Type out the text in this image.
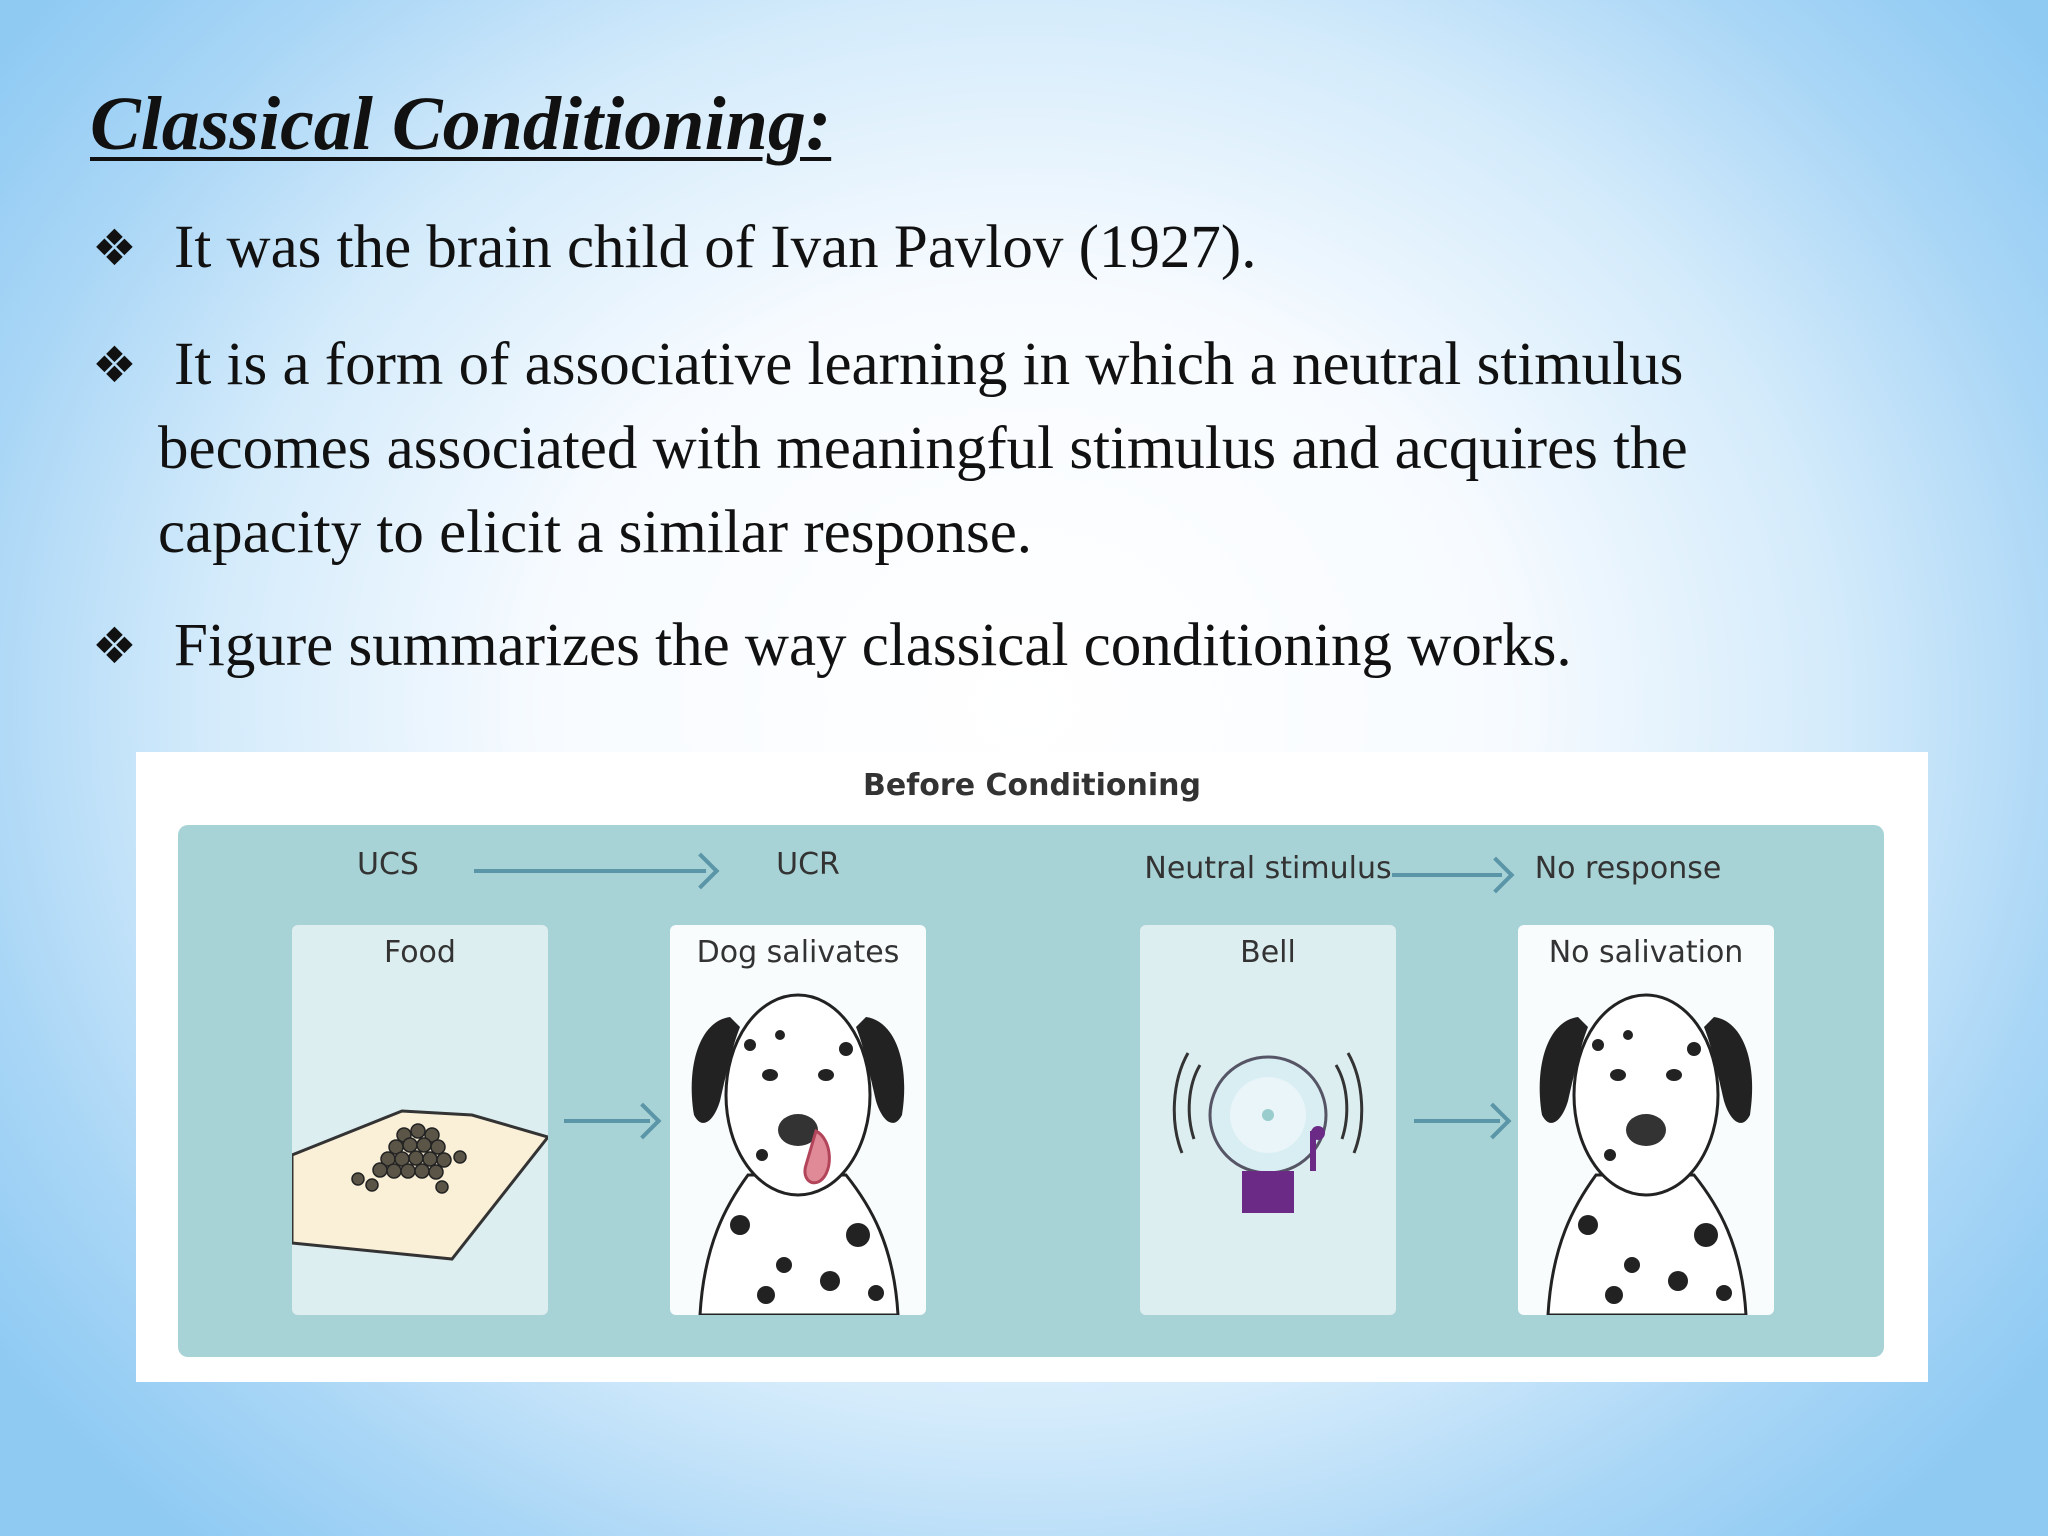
Classical Conditioning:
❖ It was the brain child of Ivan Pavlov (1927).
❖ It is a form of associative learning in which a neutral stimulus
becomes associated with meaningful stimulus and acquires the
capacity to elicit a similar response.
❖ Figure summarizes the way classical conditioning works.
Before Conditioning
UCS	UCR	Neutral stimulus	No response
Food	Dog salivates	Bell	No salivation
